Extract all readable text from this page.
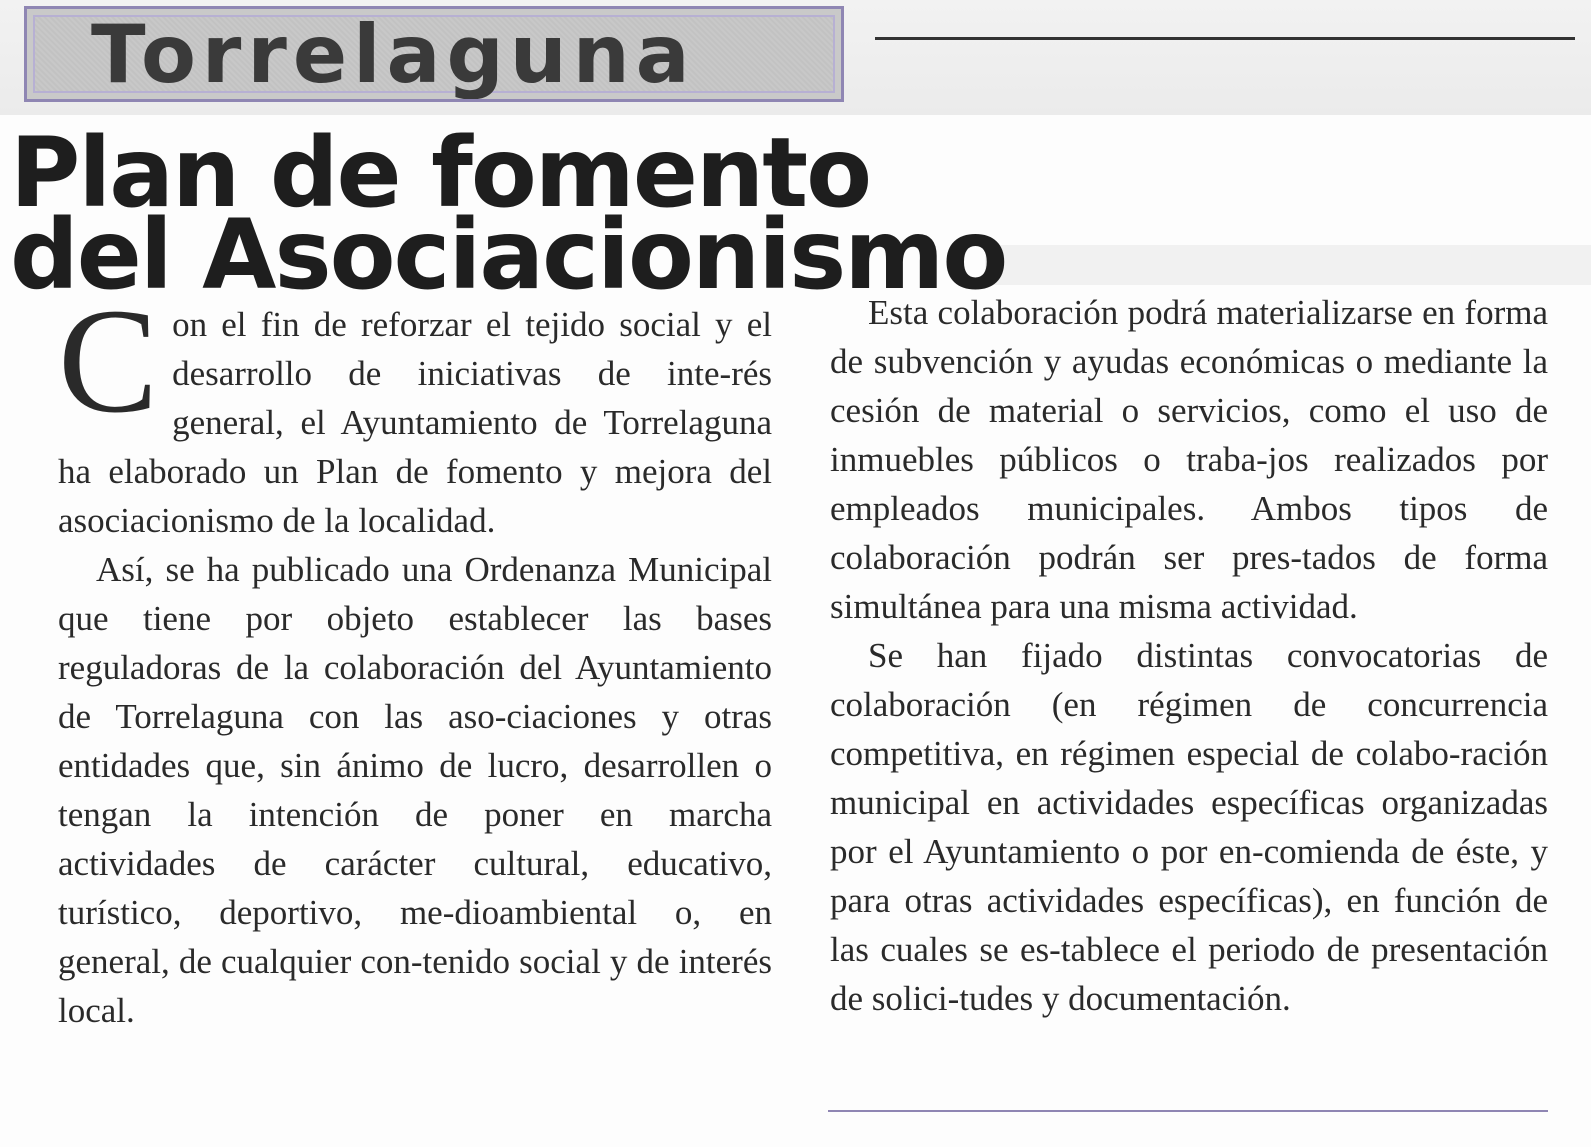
Torrelaguna
Plan de fomento
del Asociacionismo

Con el fin de reforzar el tejido social y el desarrollo de iniciativas de inte-rés general, el Ayuntamiento de Torrelaguna ha elaborado un Plan de fomento y mejora del asociacionismo de la localidad.

Así, se ha publicado una Ordenanza Municipal que tiene por objeto establecer las bases reguladoras de la colaboración del Ayuntamiento de Torrelaguna con las aso-ciaciones y otras entidades que, sin ánimo de lucro, desarrollen o tengan la intención de poner en marcha actividades de carácter cultural, educativo, turístico, deportivo, me-dioambiental o, en general, de cualquier con-tenido social y de interés local.

Esta colaboración podrá materializarse en forma de subvención y ayudas económicas o mediante la cesión de material o servicios, como el uso de inmuebles públicos o traba-jos realizados por empleados municipales. Ambos tipos de colaboración podrán ser pres-tados de forma simultánea para una misma actividad.

Se han fijado distintas convocatorias de colaboración (en régimen de concurrencia competitiva, en régimen especial de colabo-ración municipal en actividades específicas organizadas por el Ayuntamiento o por en-comienda de éste, y para otras actividades específicas), en función de las cuales se es-tablece el periodo de presentación de solici-tudes y documentación.
